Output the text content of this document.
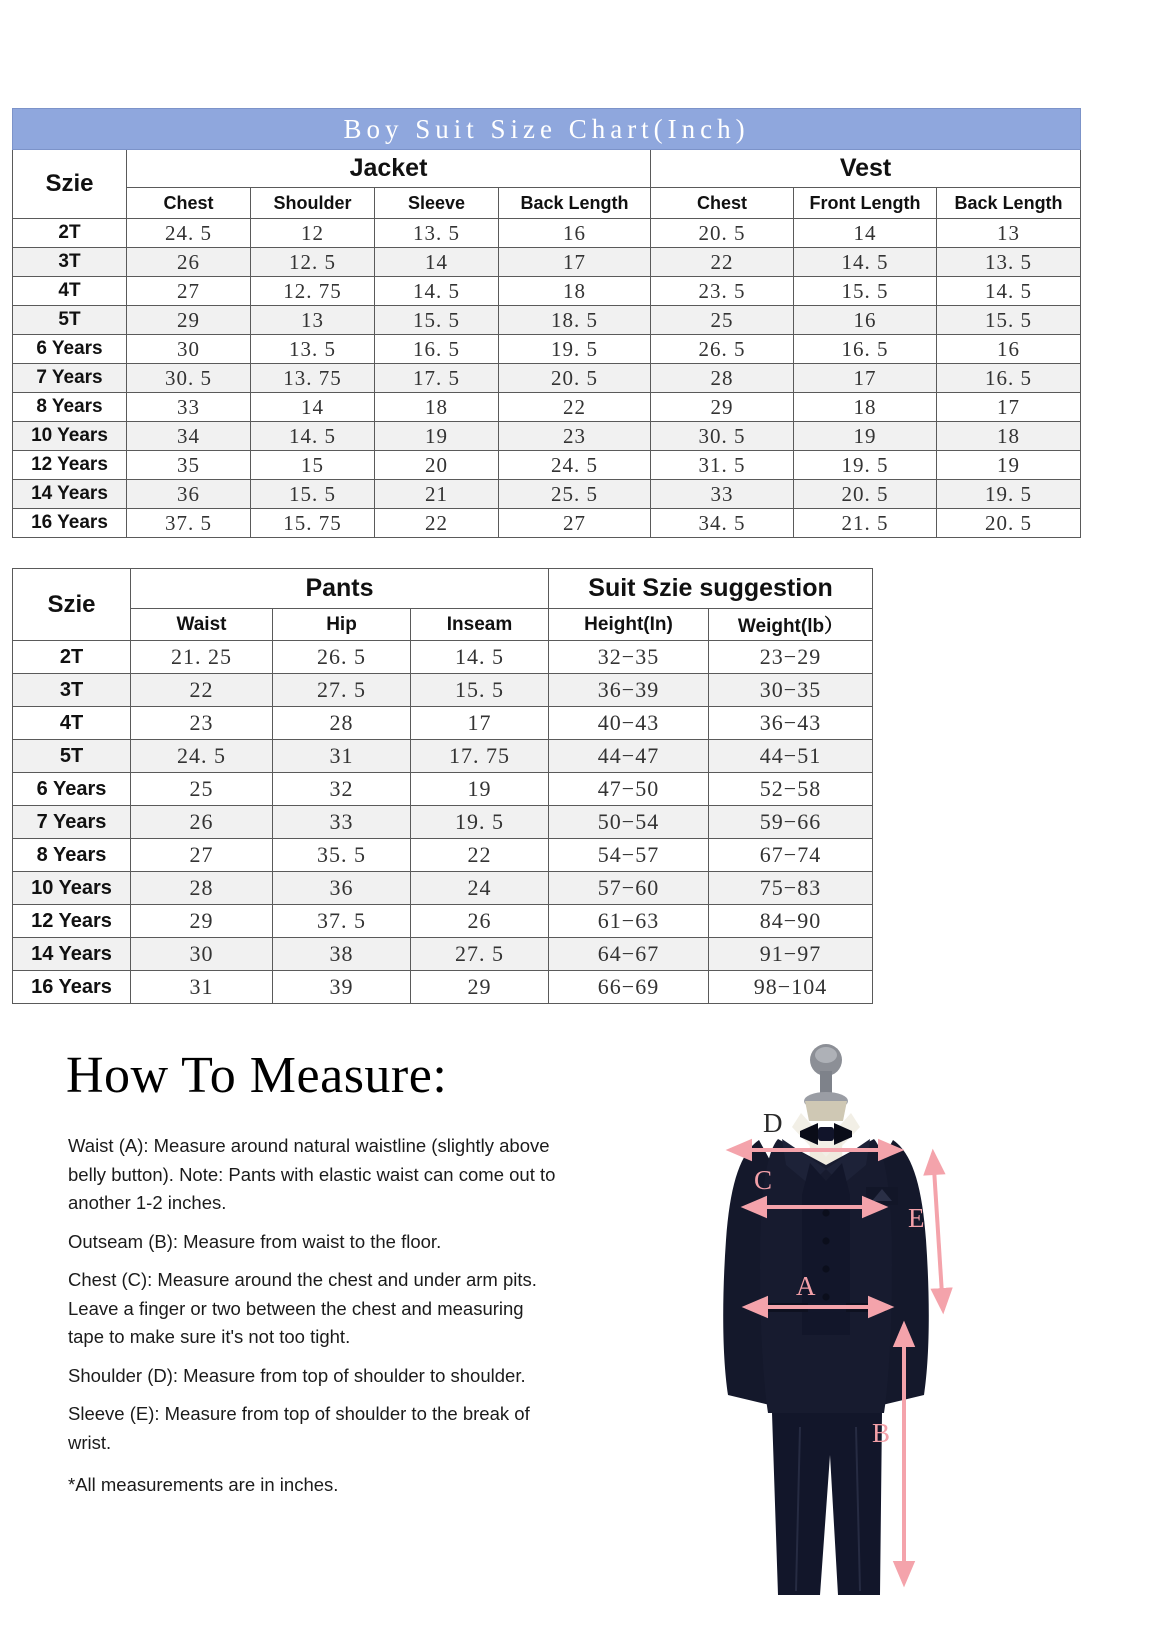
Boy Suit Size Chart(Inch)							
Szie	Jacket				Vest		
	Chest	Shoulder	Sleeve	Back Length	Chest	Front Length	Back Length
2T	24. 5	12	13. 5	16	20. 5	14	13
3T	26	12. 5	14	17	22	14. 5	13. 5
4T	27	12. 75	14. 5	18	23. 5	15. 5	14. 5
5T	29	13	15. 5	18. 5	25	16	15. 5
6 Years	30	13. 5	16. 5	19. 5	26. 5	16. 5	16
7 Years	30. 5	13. 75	17. 5	20. 5	28	17	16. 5
8 Years	33	14	18	22	29	18	17
10 Years	34	14. 5	19	23	30. 5	19	18
12 Years	35	15	20	24. 5	31. 5	19. 5	19
14 Years	36	15. 5	21	25. 5	33	20. 5	19. 5
16 Years	37. 5	15. 75	22	27	34. 5	21. 5	20. 5
Szie	Pants			Suit Szie suggestion	
	Waist	Hip	Inseam	Height(In)	Weight(lb）
2T	21. 25	26. 5	14. 5	32−35	23−29
3T	22	27. 5	15. 5	36−39	30−35
4T	23	28	17	40−43	36−43
5T	24. 5	31	17. 75	44−47	44−51
6 Years	25	32	19	47−50	52−58
7 Years	26	33	19. 5	50−54	59−66
8 Years	27	35. 5	22	54−57	67−74
10 Years	28	36	24	57−60	75−83
12 Years	29	37. 5	26	61−63	84−90
14 Years	30	38	27. 5	64−67	91−97
16 Years	31	39	29	66−69	98−104
How To Measure:

Waist (A): Measure around natural waistline (slightly above belly button). Note: Pants with elastic waist can come out to another 1-2 inches.

Outseam (B): Measure from waist to the floor.

Chest (C): Measure around the chest and under arm pits. Leave a finger or two between the chest and measuring tape to make sure it's not too tight.

Shoulder (D): Measure from top of shoulder to shoulder.

Sleeve (E): Measure from top of shoulder to the break of wrist.

*All measurements are in inches.

D
C
A
E
B
